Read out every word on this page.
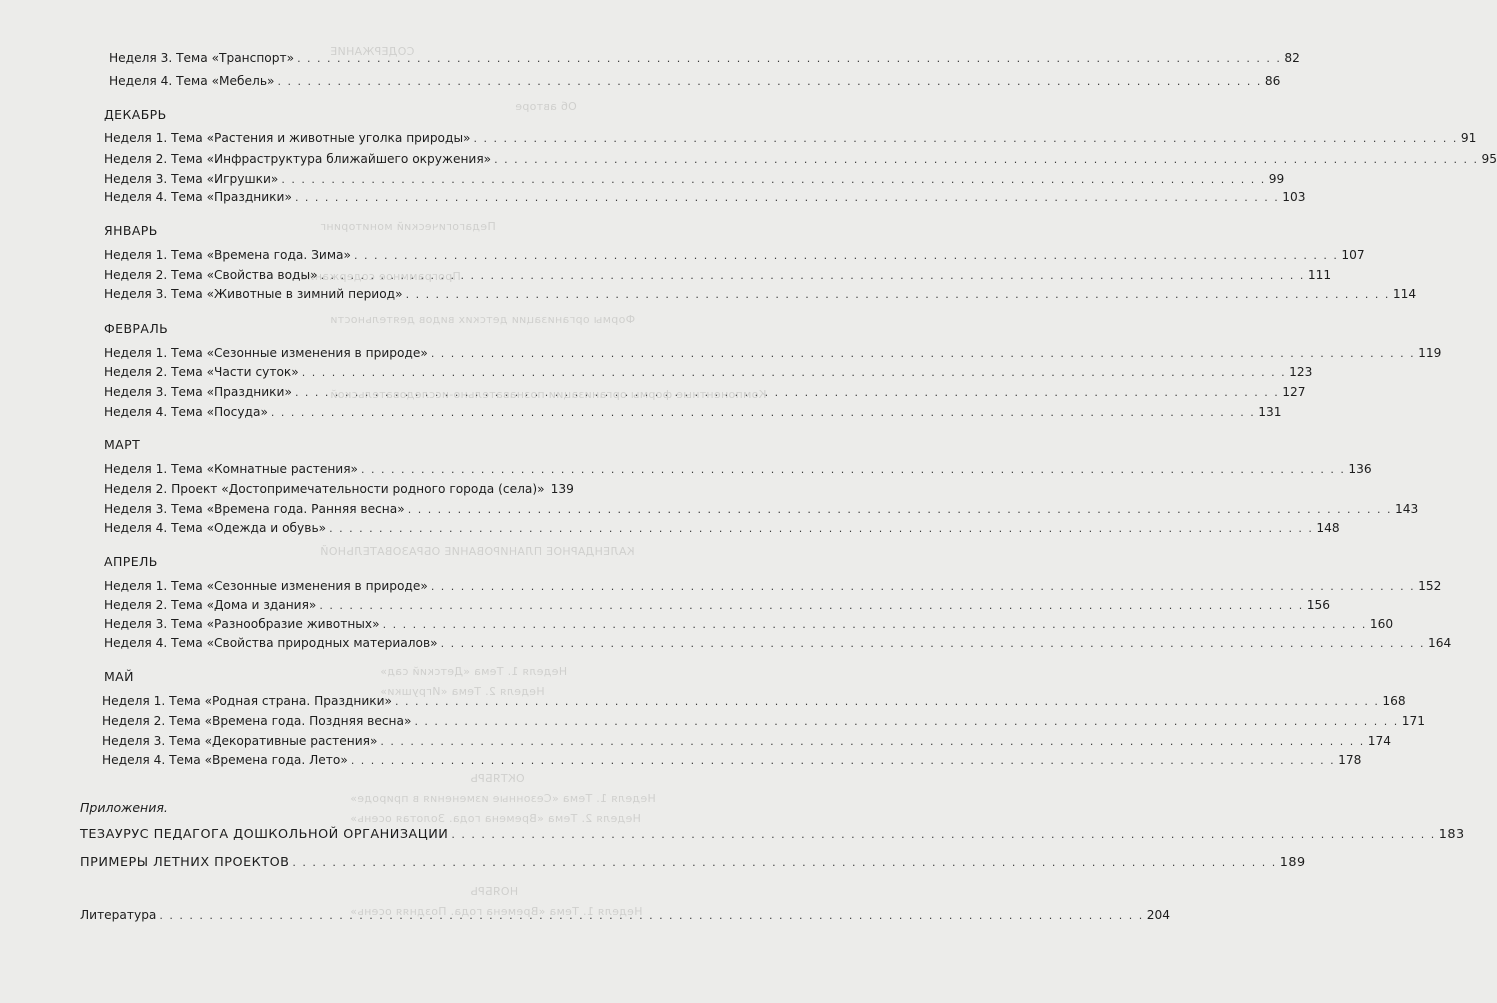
СОДЕРЖАНИЕ
Об авторе
Педагогический мониторинг
Программное содержание
Формы организации детских видов деятельности
Компонентные формы организации познавательно-исследовательской
КАЛЕНДАРНОЕ ПЛАНИРОВАНИЕ ОБРАЗОВАТЕЛЬНОЙ
Неделя 1. Тема «Детский сад»
Неделя 2. Тема «Игрушки»
ОКТЯБРЬ
Неделя 1. Тема «Сезонные изменения в природе»
Неделя 2. Тема «Времена года. Золотая осень»
НОЯБРЬ
Неделя 1. Тема «Времена года. Поздняя осень»
Неделя 3. Тема «Транспорт» . . .	82
Неделя 4. Тема «Мебель» . . .	86
ДЕКАБРЬ
Неделя 1. Тема «Растения и животные уголка природы» . . .	91
Неделя 2. Тема «Инфраструктура ближайшего окружения» . . .	95
Неделя 3. Тема «Игрушки» . . .	99
Неделя 4. Тема «Праздники» . . .	103
ЯНВАРЬ
Неделя 1. Тема «Времена года. Зима» . . .	107
Неделя 2. Тема «Свойства воды» . . .	111
Неделя 3. Тема «Животные в зимний период» . . .	114
ФЕВРАЛЬ
Неделя 1. Тема «Сезонные изменения в природе» . . .	119
Неделя 2. Тема «Части суток» . . .	123
Неделя 3. Тема «Праздники» . . .	127
Неделя 4. Тема «Посуда» . . .	131
МАРТ
Неделя 1. Тема «Комнатные растения» . . .	136
Неделя 2. Проект «Достопримечательности родного города (села)» 139
Неделя 3. Тема «Времена года. Ранняя весна» . . .	143
Неделя 4. Тема «Одежда и обувь» . . .	148
АПРЕЛЬ
Неделя 1. Тема «Сезонные изменения в природе» . . .	152
Неделя 2. Тема «Дома и здания» . . .	156
Неделя 3. Тема «Разнообразие животных» . . .	160
Неделя 4. Тема «Свойства природных материалов» . . .	164
МАЙ
Неделя 1. Тема «Родная страна. Праздники» . . .	168
Неделя 2. Тема «Времена года. Поздняя весна» . . .	171
Неделя 3. Тема «Декоративные растения» . . .	174
Неделя 4. Тема «Времена года. Лето» . . .	178
Приложения.
ТЕЗАУРУС ПЕДАГОГА ДОШКОЛЬНОЙ ОРГАНИЗАЦИИ . . .	183
ПРИМЕРЫ ЛЕТНИХ ПРОЕКТОВ . . .	189
Литература . . .	204
